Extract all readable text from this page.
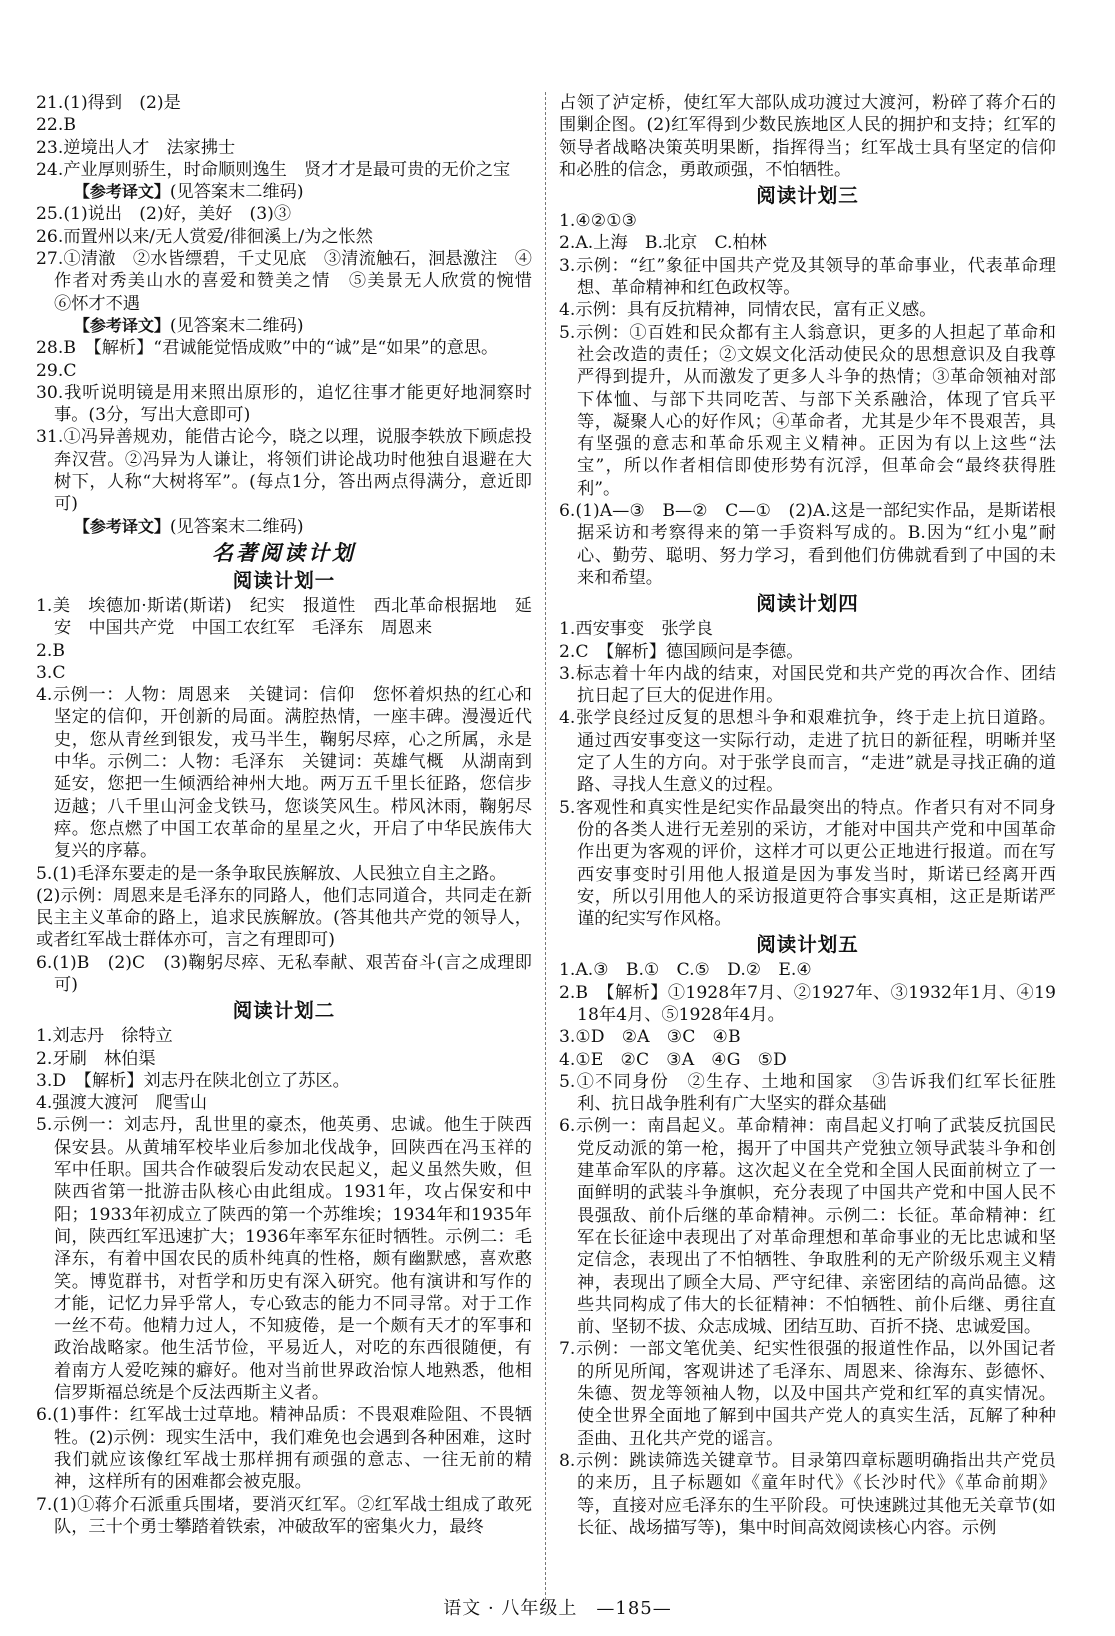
21.(1)得到　(2)是
22.B
23.逆境出人才　法家拂士
24.产业厚则骄生，时命顺则逸生　贤才才是最可贵的无价之宝
【参考译文】(见答案末二维码)
25.(1)说出　(2)好，美好　(3)③
26.而置州以来/无人赏爱/徘徊溪上/为之怅然
27.①清澈　②水皆缥碧，千丈见底　③清流触石，洄悬激注　④作者对秀美山水的喜爱和赞美之情　⑤美景无人欣赏的惋惜　⑥怀才不遇
【参考译文】(见答案末二维码)
28.B　【解析】“君诚能觉悟成败”中的“诚”是“如果”的意思。
29.C
30.我听说明镜是用来照出原形的，追忆往事才能更好地洞察时事。(3分，写出大意即可)
31.①冯异善规劝，能借古论今，晓之以理，说服李轶放下顾虑投奔汉营。②冯异为人谦让，将领们讲论战功时他独自退避在大树下，人称“大树将军”。(每点1分，答出两点得满分，意近即可)
【参考译文】(见答案末二维码)
名著阅读计划
阅读计划一
1.美　埃德加·斯诺(斯诺)　纪实　报道性　西北革命根据地　延安　中国共产党　中国工农红军　毛泽东　周恩来
2.B
3.C
4.示例一：人物：周恩来　关键词：信仰　您怀着炽热的红心和坚定的信仰，开创新的局面。满腔热情，一座丰碑。漫漫近代史，您从青丝到银发，戎马半生，鞠躬尽瘁，心之所属，永是中华。示例二：人物：毛泽东　关键词：英雄气概　从湖南到延安，您把一生倾洒给神州大地。两万五千里长征路，您信步迈越；八千里山河金戈铁马，您谈笑风生。栉风沐雨，鞠躬尽瘁。您点燃了中国工农革命的星星之火，开启了中华民族伟大复兴的序幕。
5.(1)毛泽东要走的是一条争取民族解放、人民独立自主之路。
(2)示例：周恩来是毛泽东的同路人，他们志同道合，共同走在新民主主义革命的路上，追求民族解放。(答其他共产党的领导人，或者红军战士群体亦可，言之有理即可)
6.(1)B　(2)C　(3)鞠躬尽瘁、无私奉献、艰苦奋斗(言之成理即可)
阅读计划二
1.刘志丹　徐特立
2.牙刷　林伯渠
3.D　【解析】刘志丹在陕北创立了苏区。
4.强渡大渡河　爬雪山
5.示例一：刘志丹，乱世里的豪杰，他英勇、忠诚。他生于陕西保安县。从黄埔军校毕业后参加北伐战争，回陕西在冯玉祥的军中任职。国共合作破裂后发动农民起义，起义虽然失败，但陕西省第一批游击队核心由此组成。1931年，攻占保安和中阳；1933年初成立了陕西的第一个苏维埃；1934年和1935年间，陕西红军迅速扩大；1936年率军东征时牺牲。示例二：毛泽东，有着中国农民的质朴纯真的性格，颇有幽默感，喜欢憨笑。博览群书，对哲学和历史有深入研究。他有演讲和写作的才能，记忆力异乎常人，专心致志的能力不同寻常。对于工作一丝不苟。他精力过人，不知疲倦，是一个颇有天才的军事和政治战略家。他生活节俭，平易近人，对吃的东西很随便，有着南方人爱吃辣的癖好。他对当前世界政治惊人地熟悉，他相信罗斯福总统是个反法西斯主义者。
6.(1)事件：红军战士过草地。精神品质：不畏艰难险阻、不畏牺牲。(2)示例：现实生活中，我们难免也会遇到各种困难，这时我们就应该像红军战士那样拥有顽强的意志、一往无前的精神，这样所有的困难都会被克服。
7.(1)①蒋介石派重兵围堵，要消灭红军。②红军战士组成了敢死队，三十个勇士攀踏着铁索，冲破敌军的密集火力，最终
占领了泸定桥，使红军大部队成功渡过大渡河，粉碎了蒋介石的围剿企图。(2)红军得到少数民族地区人民的拥护和支持；红军的领导者战略决策英明果断，指挥得当；红军战士具有坚定的信仰和必胜的信念，勇敢顽强，不怕牺牲。
阅读计划三
1.④②①③
2.A.上海　B.北京　C.柏林
3.示例：“红”象征中国共产党及其领导的革命事业，代表革命理想、革命精神和红色政权等。
4.示例：具有反抗精神，同情农民，富有正义感。
5.示例：①百姓和民众都有主人翁意识，更多的人担起了革命和社会改造的责任；②文娱文化活动使民众的思想意识及自我尊严得到提升，从而激发了更多人斗争的热情；③革命领袖对部下体恤、与部下共同吃苦、与部下关系融洽，体现了官兵平等，凝聚人心的好作风；④革命者，尤其是少年不畏艰苦，具有坚强的意志和革命乐观主义精神。正因为有以上这些“法宝”，所以作者相信即使形势有沉浮，但革命会“最终获得胜利”。
6.(1)A—③　B—②　C—①　(2)A.这是一部纪实作品，是斯诺根据采访和考察得来的第一手资料写成的。B.因为“红小鬼”耐心、勤劳、聪明、努力学习，看到他们仿佛就看到了中国的未来和希望。
阅读计划四
1.西安事变　张学良
2.C　【解析】德国顾问是李德。
3.标志着十年内战的结束，对国民党和共产党的再次合作、团结抗日起了巨大的促进作用。
4.张学良经过反复的思想斗争和艰难抗争，终于走上抗日道路。通过西安事变这一实际行动，走进了抗日的新征程，明晰并坚定了人生的方向。对于张学良而言，“走进”就是寻找正确的道路、寻找人生意义的过程。
5.客观性和真实性是纪实作品最突出的特点。作者只有对不同身份的各类人进行无差别的采访，才能对中国共产党和中国革命作出更为客观的评价，这样才可以更公正地进行报道。而在写西安事变时引用他人报道是因为事发当时，斯诺已经离开西安，所以引用他人的采访报道更符合事实真相，这正是斯诺严谨的纪实写作风格。
阅读计划五
1.A.③　B.①　C.⑤　D.②　E.④
2.B　【解析】①1928年7月、②1927年、③1932年1月、④1918年4月、⑤1928年4月。
3.①D　②A　③C　④B
4.①E　②C　③A　④G　⑤D
5.①不同身份　②生存、土地和国家　③告诉我们红军长征胜利、抗日战争胜利有广大坚实的群众基础
6.示例一：南昌起义。革命精神：南昌起义打响了武装反抗国民党反动派的第一枪，揭开了中国共产党独立领导武装斗争和创建革命军队的序幕。这次起义在全党和全国人民面前树立了一面鲜明的武装斗争旗帜，充分表现了中国共产党和中国人民不畏强敌、前仆后继的革命精神。示例二：长征。革命精神：红军在长征途中表现出了对革命理想和革命事业的无比忠诚和坚定信念，表现出了不怕牺牲、争取胜利的无产阶级乐观主义精神，表现出了顾全大局、严守纪律、亲密团结的高尚品德。这些共同构成了伟大的长征精神：不怕牺牲、前仆后继、勇往直前、坚韧不拔、众志成城、团结互助、百折不挠、忠诚爱国。
7.示例：一部文笔优美、纪实性很强的报道性作品，以外国记者的所见所闻，客观讲述了毛泽东、周恩来、徐海东、彭德怀、朱德、贺龙等领袖人物，以及中国共产党和红军的真实情况。使全世界全面地了解到中国共产党人的真实生活，瓦解了种种歪曲、丑化共产党的谣言。
8.示例：跳读筛选关键章节。目录第四章标题明确指出共产党员的来历，且子标题如《童年时代》《长沙时代》《革命前期》等，直接对应毛泽东的生平阶段。可快速跳过其他无关章节(如长征、战场描写等)，集中时间高效阅读核心内容。示例
语文 · 八年级上　—185—
